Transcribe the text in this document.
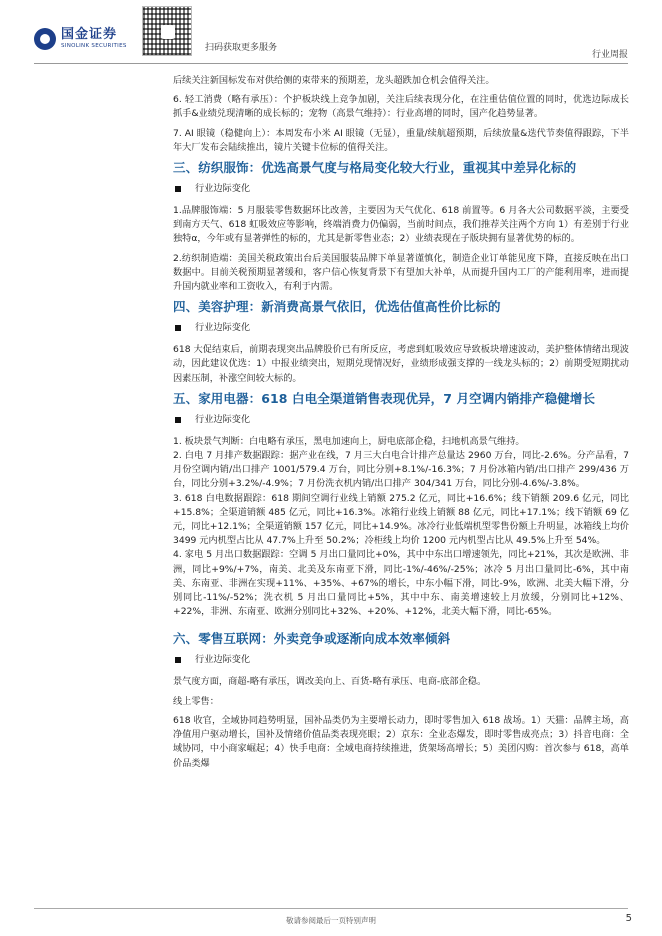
国金证券
SINOLINK SECURITIES	扫码获取更多服务
行业周报

后续关注新国标发布对供给侧的束带来的预期差，龙头超跌加仓机会值得关注。

6. 轻工消费（略有承压）：个护板块线上竞争加剧，关注后续表现分化，在注重估值位置的同时，优选边际成长抓手&业绩兑现清晰的成长标的；宠物（高景气维持）：行业高增的同时，国产化趋势显著。

7. AI 眼镜（稳健向上）：本周发布小米 AI 眼镜（无显），重量/续航超预期，后续放量&迭代节奏值得跟踪，下半年大厂发布会陆续推出，镜片关键卡位标的值得关注。

三、纺织服饰：优选高景气度与格局变化较大行业，重视其中差异化标的
行业边际变化

1.品牌服饰端：5 月服装零售数据环比改善，主要因为天气优化、618 前置等。6 月各大公司数据平淡，主要受到南方天气、618 虹吸效应等影响，终端消费力仍偏弱，当前时间点，我们推荐关注两个方向 1）有差别于行业独特α，今年或有显著弹性的标的，尤其是新零售业态；2）业绩表现在子版块拥有显著优势的标的。

2.纺织制造端：美国关税政策出台后美国服装品牌下单显著谨慎化，制造企业订单能见度下降，直接反映在出口数据中。目前关税预期显著缓和，客户信心恢复背景下有望加大补单，从而提升国内工厂的产能利用率，进而提升国内就业率和工资收入，有利于内需。

四、美容护理：新消费高景气依旧，优选估值高性价比标的
行业边际变化

618 大促结束后，前期表现突出品牌股价已有所反应，考虑到虹吸效应导致板块增速波动，美护整体情绪出现波动，因此建议优选：1）中报业绩突出，短期兑现情况好，业绩形成强支撑的一线龙头标的；2）前期受短期扰动因素压制，补涨空间较大标的。

五、家用电器：618 白电全渠道销售表现优异，7 月空调内销排产稳健增长
行业边际变化

1. 板块景气判断：白电略有承压，黑电加速向上，厨电底部企稳，扫地机高景气维持。

2. 白电 7 月排产数据跟踪：据产业在线，7 月三大白电合计排产总量达 2960 万台，同比-2.6%。分产品看，7 月份空调内销/出口排产 1001/579.4 万台，同比分别+8.1%/-16.3%；7 月份冰箱内销/出口排产 299/436 万台，同比分别+3.2%/-4.9%；7 月份洗衣机内销/出口排产 304/341 万台，同比分别-4.6%/-3.8%。

3. 618 白电数据跟踪：618 期间空调行业线上销额 275.2 亿元，同比+16.6%；线下销额 209.6 亿元，同比+15.8%；全渠道销额 485 亿元，同比+16.3%。冰箱行业线上销额 88 亿元，同比+17.1%；线下销额 69 亿元，同比+12.1%；全渠道销额 157 亿元，同比+14.9%。冰冷行业低端机型零售份额上升明显，冰箱线上均价 3499 元内机型占比从 47.7%上升至 50.2%；冷柜线上均价 1200 元内机型占比从 49.5%上升至 54%。

4. 家电 5 月出口数据跟踪：空调 5 月出口量同比+0%，其中中东出口增速领先，同比+21%，其次是欧洲、非洲，同比+9%/+7%，南美、北美及东南亚下滑，同比-1%/-46%/-25%；冰冷 5 月出口量同比-6%，其中南美、东南亚、非洲在实现+11%、+35%、+67%的增长，中东小幅下滑，同比-9%，欧洲、北美大幅下滑，分别同比-11%/-52%；洗衣机 5 月出口量同比+5%，其中中东、南美增速较上月放缓，分别同比+12%、+22%，非洲、东南亚、欧洲分别同比+32%、+20%、+12%，北美大幅下滑，同比-65%。

六、零售互联网：外卖竞争或逐渐向成本效率倾斜
行业边际变化

景气度方面，商超-略有承压，调改美向上、百货-略有承压、电商-底部企稳。

线上零售：

618 收官，全域协同趋势明显，国补品类仍为主要增长动力，即时零售加入 618 战场。1）天猫：品牌主场，高净值用户驱动增长，国补及情绪价值品类表现亮眼；2）京东：全业态爆发，即时零售成亮点；3）抖音电商：全域协同，中小商家崛起；4）快手电商：全域电商持续推进，货架场高增长；5）美团闪购：首次参与 618，高单价品类爆

敬请参阅最后一页特别声明	5
